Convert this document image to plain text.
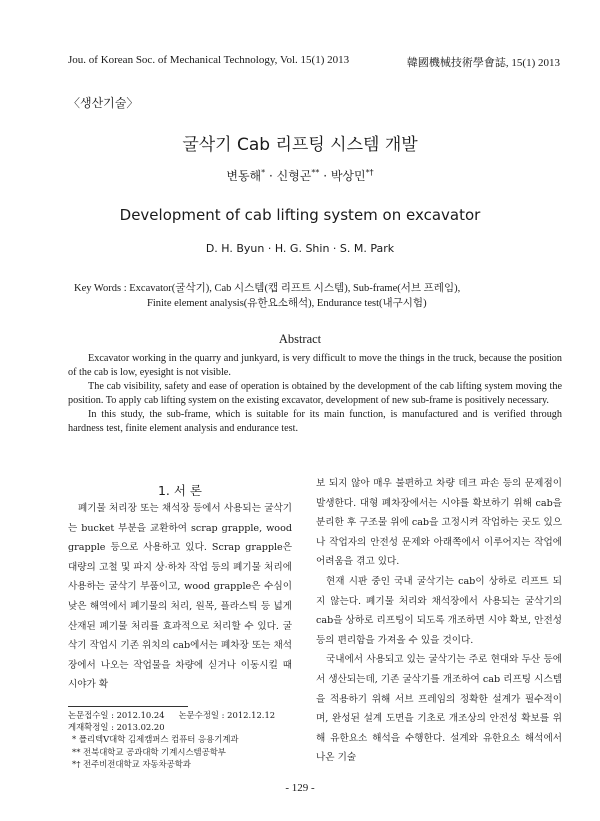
Jou. of Korean Soc. of Mechanical Technology, Vol. 15(1) 2013	韓國機械技術學會誌, 15(1) 2013
〈생산기술〉
굴삭기 Cab 리프팅 시스템 개발
변동해* · 신형곤** · 박상민*†
Development of cab lifting system on excavator
D. H. Byun · H. G. Shin · S. M. Park
Key Words : Excavator(굴삭기), Cab 시스템(캡 리프트 시스템), Sub-frame(서브 프레임),
Finite element analysis(유한요소해석), Endurance test(내구시험)
Abstract

Excavator working in the quarry and junkyard, is very difficult to move the things in the truck, because the position of the cab is low, eyesight is not visible.

The cab visibility, safety and ease of operation is obtained by the development of the cab lifting system moving the position. To apply cab lifting system on the existing excavator, development of new sub-frame is positively necessary.

In this study, the sub-frame, which is suitable for its main function, is manufactured and is verified through hardness test, finite element analysis and endurance test.

1. 서 론

폐기물 처리장 또는 채석장 등에서 사용되는 굴삭기는 bucket 부분을 교환하여 scrap grapple, wood grapple 등으로 사용하고 있다. Scrap grapple은 대량의 고철 및 파지 상·하차 작업 등의 폐기물 처리에 사용하는 굴삭기 부품이고, wood grapple은 수심이 낮은 해역에서 폐기물의 처리, 원목, 플라스틱 등 넓게 산재된 폐기물 처리를 효과적으로 처리할 수 있다. 굴삭기 작업시 기존 위치의 cab에서는 폐차장 또는 채석장에서 나오는 작업물을 차량에 싣거나 이동시킬 때 시야가 확

보 되지 않아 매우 불편하고 차량 데크 파손 등의 문제점이 발생한다. 대형 폐차장에서는 시야를 확보하기 위해 cab을 분리한 후 구조물 위에 cab을 고정시켜 작업하는 곳도 있으나 작업자의 안전성 문제와 아래쪽에서 이루어지는 작업에 어려움을 겪고 있다.

현재 시판 중인 국내 굴삭기는 cab이 상하로 리프트 되지 않는다. 폐기물 처리와 채석장에서 사용되는 굴삭기의 cab을 상하로 리프팅이 되도록 개조하면 시야 확보, 안전성 등의 편리함을 가져올 수 있을 것이다.

국내에서 사용되고 있는 굴삭기는 주로 현대와 두산 등에서 생산되는데, 기존 굴삭기를 개조하여 cab 리프팅 시스템을 적용하기 위해 서브 프레임의 정확한 설계가 필수적이며, 완성된 설계 도면을 기초로 개조상의 안전성 확보를 위해 유한요소 해석을 수행한다. 설계와 유한요소 해석에서 나온 기술

논문접수일 : 2012.10.24 논문수정일 : 2012.12.12
게재확정일 : 2013.02.20
* 폴리텍V대학 김제캠퍼스 컴퓨터 응용기계과
** 전북대학교 공과대학 기계시스템공학부
*† 전주비전대학교 자동차공학과
- 129 -
